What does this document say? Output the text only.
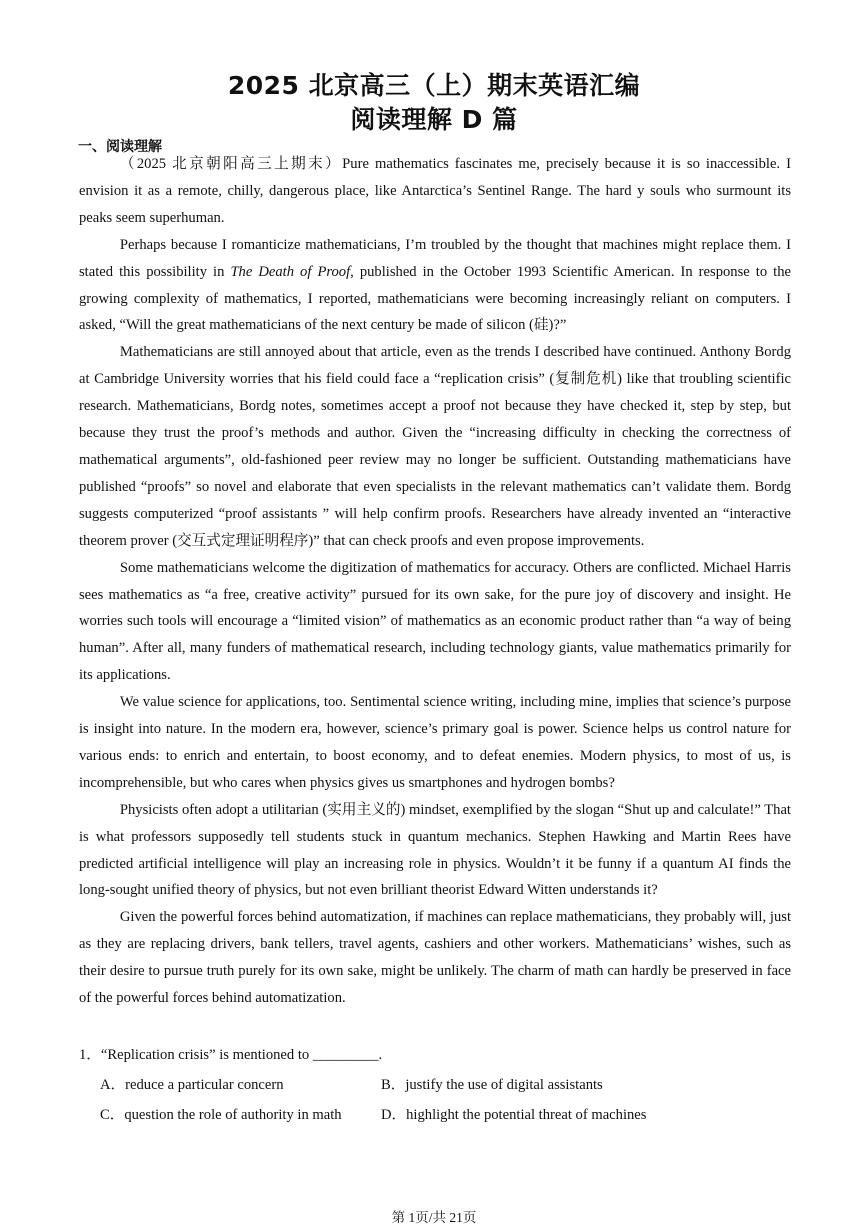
2025 北京高三（上）期末英语汇编
阅读理解 D 篇
一、阅读理解

（2025 北京朝阳高三上期末）Pure mathematics fascinates me, precisely because it is so inaccessible. I envision it as a remote, chilly, dangerous place, like Antarctica’s Sentinel Range. The hard y souls who surmount its peaks seem superhuman.

Perhaps because I romanticize mathematicians, I’m troubled by the thought that machines might replace them. I stated this possibility in The Death of Proof, published in the October 1993 Scientific American. In response to the growing complexity of mathematics, I reported, mathematicians were becoming increasingly reliant on computers. I asked, “Will the great mathematicians of the next century be made of silicon (硅)?”

Mathematicians are still annoyed about that article, even as the trends I described have continued. Anthony Bordg at Cambridge University worries that his field could face a “replication crisis” (复制危机) like that troubling scientific research. Mathematicians, Bordg notes, sometimes accept a proof not because they have checked it, step by step, but because they trust the proof’s methods and author. Given the “increasing difficulty in checking the correctness of mathematical arguments”, old-fashioned peer review may no longer be sufficient. Outstanding mathematicians have published “proofs” so novel and elaborate that even specialists in the relevant mathematics can’t validate them. Bordg suggests computerized “proof assistants ” will help confirm proofs. Researchers have already invented an “interactive theorem prover (交互式定理证明程序)” that can check proofs and even propose improvements.

Some mathematicians welcome the digitization of mathematics for accuracy. Others are conflicted. Michael Harris sees mathematics as “a free, creative activity” pursued for its own sake, for the pure joy of discovery and insight. He worries such tools will encourage a “limited vision” of mathematics as an economic product rather than “a way of being human”. After all, many funders of mathematical research, including technology giants, value mathematics primarily for its applications.

We value science for applications, too. Sentimental science writing, including mine, implies that science’s purpose is insight into nature. In the modern era, however, science’s primary goal is power. Science helps us control nature for various ends: to enrich and entertain, to boost economy, and to defeat enemies. Modern physics, to most of us, is incomprehensible, but who cares when physics gives us smartphones and hydrogen bombs?

Physicists often adopt a utilitarian (实用主义的) mindset, exemplified by the slogan “Shut up and calculate!” That is what professors supposedly tell students stuck in quantum mechanics. Stephen Hawking and Martin Rees have predicted artificial intelligence will play an increasing role in physics. Wouldn’t it be funny if a quantum AI finds the long-sought unified theory of physics, but not even brilliant theorist Edward Witten understands it?

Given the powerful forces behind automatization, if machines can replace mathematicians, they probably will, just as they are replacing drivers, bank tellers, travel agents, cashiers and other workers. Mathematicians’ wishes, such as their desire to pursue truth purely for its own sake, might be unlikely. The charm of math can hardly be preserved in face of the powerful forces behind automatization.

1．“Replication crisis” is mentioned to _________.
A．reduce a particular concern	B．justify the use of digital assistants
C．question the role of authority in math	D．highlight the potential threat of machines
第 1页/共 21页
